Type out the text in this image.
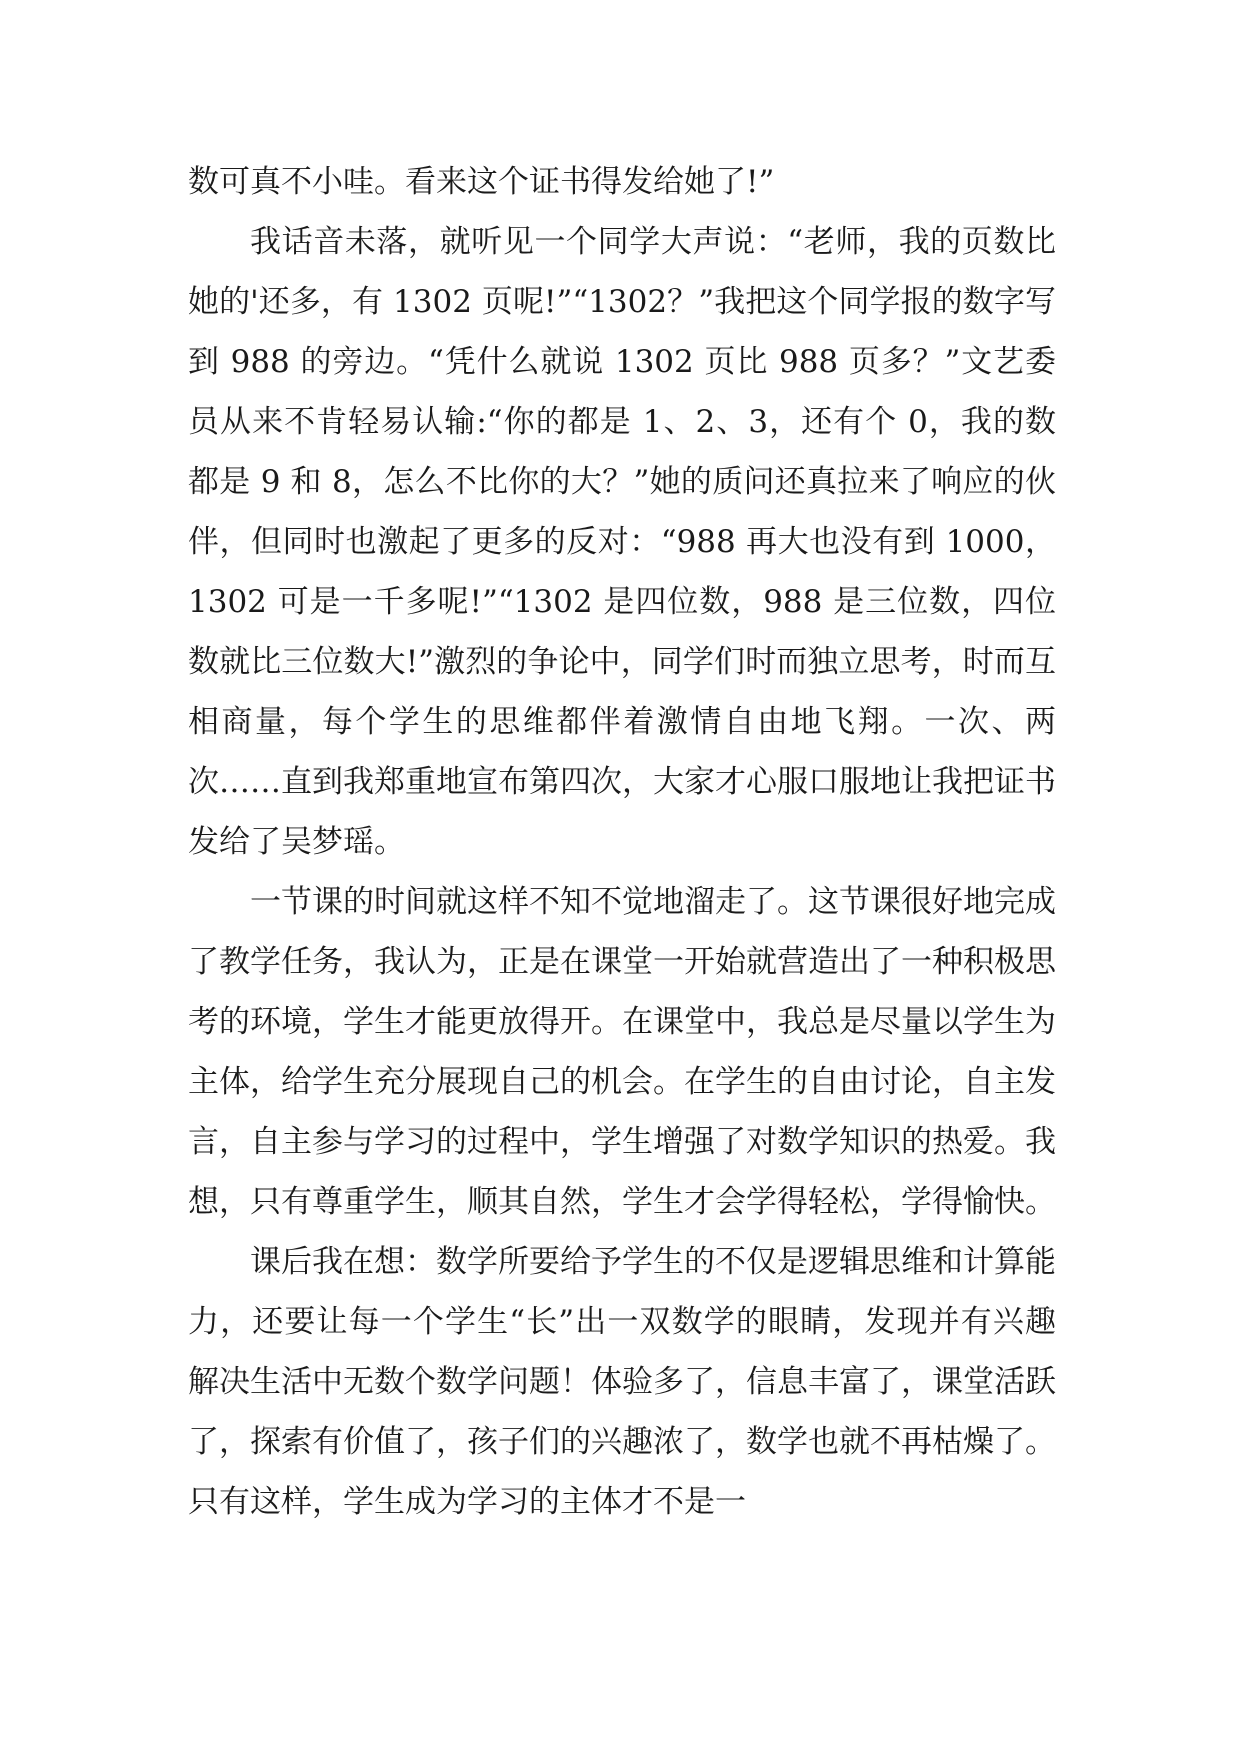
数可真不小哇。看来这个证书得发给她了!”

我话音未落，就听见一个同学大声说：“老师，我的页数比她的'还多，有 1302 页呢!”“1302？”我把这个同学报的数字写到 988 的旁边。“凭什么就说 1302 页比 988 页多？”文艺委员从来不肯轻易认输:“你的都是 1、2、3，还有个 0，我的数都是 9 和 8，怎么不比你的大？”她的质问还真拉来了响应的伙伴，但同时也激起了更多的反对：“988 再大也没有到 1000，1302 可是一千多呢!”“1302 是四位数，988 是三位数，四位数就比三位数大!”激烈的争论中，同学们时而独立思考，时而互相商量，每个学生的思维都伴着激情自由地飞翔。一次、两次……直到我郑重地宣布第四次，大家才心服口服地让我把证书发给了吴梦瑶。

一节课的时间就这样不知不觉地溜走了。这节课很好地完成了教学任务，我认为，正是在课堂一开始就营造出了一种积极思考的环境，学生才能更放得开。在课堂中，我总是尽量以学生为主体，给学生充分展现自己的机会。在学生的自由讨论，自主发言，自主参与学习的过程中，学生增强了对数学知识的热爱。我想，只有尊重学生，顺其自然，学生才会学得轻松，学得愉快。

课后我在想：数学所要给予学生的不仅是逻辑思维和计算能力，还要让每一个学生“长”出一双数学的眼睛，发现并有兴趣解决生活中无数个数学问题！体验多了，信息丰富了，课堂活跃了，探索有价值了，孩子们的兴趣浓了，数学也就不再枯燥了。只有这样，学生成为学习的主体才不是一
